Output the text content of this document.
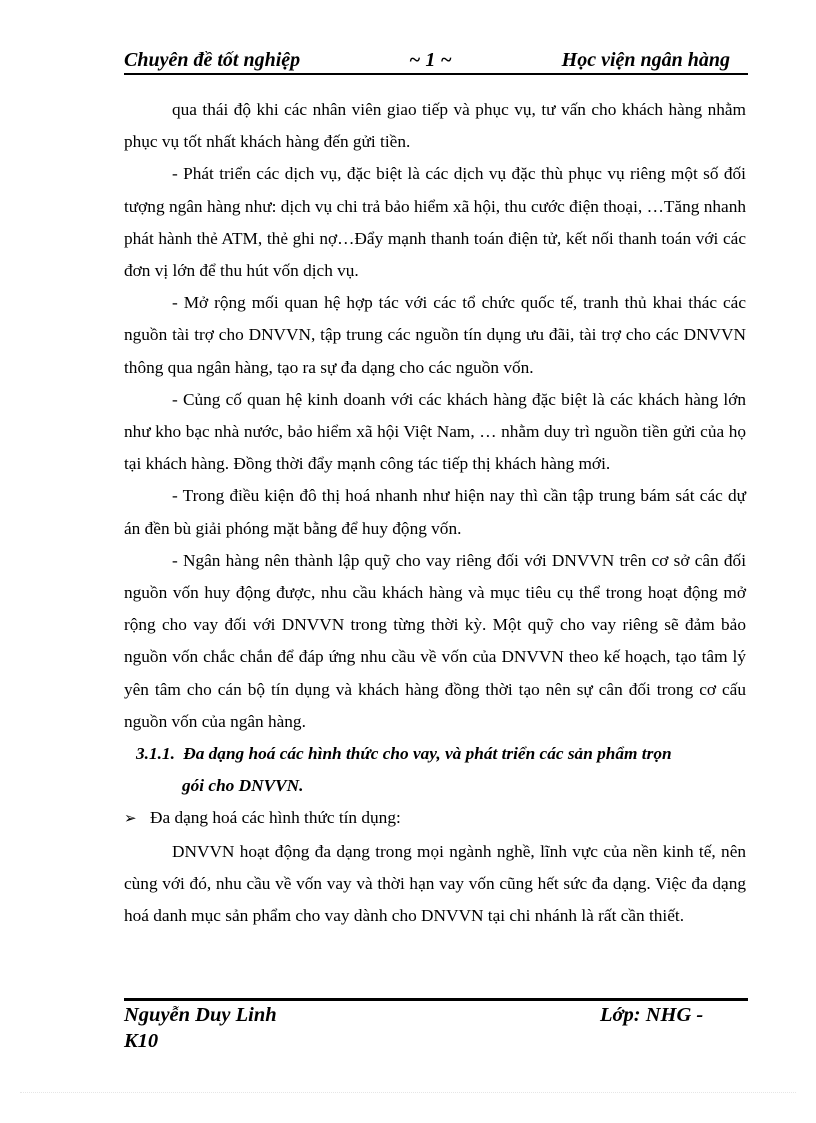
Chuyên đề tốt nghiệp	~ 1 ~	Học viện ngân hàng

qua thái độ khi các nhân viên giao tiếp và phục vụ, tư vấn cho khách hàng nhằm phục vụ tốt nhất khách hàng đến gửi tiền.

- Phát triển các dịch vụ, đặc biệt là các dịch vụ đặc thù phục vụ riêng một số đối tượng ngân hàng như: dịch vụ chi trả bảo hiểm xã hội, thu cước điện thoại, …Tăng nhanh phát hành thẻ ATM, thẻ ghi nợ…Đẩy mạnh thanh toán điện tử, kết nối thanh toán với các đơn vị lớn để thu hút vốn dịch vụ.

- Mở rộng mối quan hệ hợp tác với các tổ chức quốc tế, tranh thủ khai thác các nguồn tài trợ cho DNVVN, tập trung các nguồn tín dụng ưu đãi, tài trợ cho các DNVVN thông qua ngân hàng, tạo ra sự đa dạng cho các nguồn vốn.

- Củng cố quan hệ kinh doanh với các khách hàng đặc biệt là các khách hàng lớn như kho bạc nhà nước, bảo hiểm xã hội Việt Nam, … nhằm duy trì nguồn tiền gửi của họ tại khách hàng. Đồng thời đẩy mạnh công tác tiếp thị khách hàng mới.

- Trong điều kiện đô thị hoá nhanh như hiện nay thì cần tập trung bám sát các dự án đền bù giải phóng mặt bằng để huy động vốn.

- Ngân hàng nên thành lập quỹ cho vay riêng đối với DNVVN trên cơ sở cân đối nguồn vốn huy động được, nhu cầu khách hàng và mục tiêu cụ thể trong hoạt động mở rộng cho vay đối với DNVVN trong từng thời kỳ. Một quỹ cho vay riêng sẽ đảm bảo nguồn vốn chắc chắn để đáp ứng nhu cầu về vốn của DNVVN theo kế hoạch, tạo tâm lý yên tâm cho cán bộ tín dụng và khách hàng đồng thời tạo nên sự cân đối trong cơ cấu nguồn vốn của ngân hàng.

3.1.1. Đa dạng hoá các hình thức cho vay, và phát triển các sản phẩm trọn
gói cho DNVVN.

➢ Đa dạng hoá các hình thức tín dụng:

DNVVN hoạt động đa dạng trong mọi ngành nghề, lĩnh vực của nền kinh tế, nên cùng với đó, nhu cầu về vốn vay và thời hạn vay vốn cũng hết sức đa dạng. Việc đa dạng hoá danh mục sản phẩm cho vay dành cho DNVVN tại chi nhánh là rất cần thiết.

Nguyễn Duy Linh	Lớp: NHG -
K10
